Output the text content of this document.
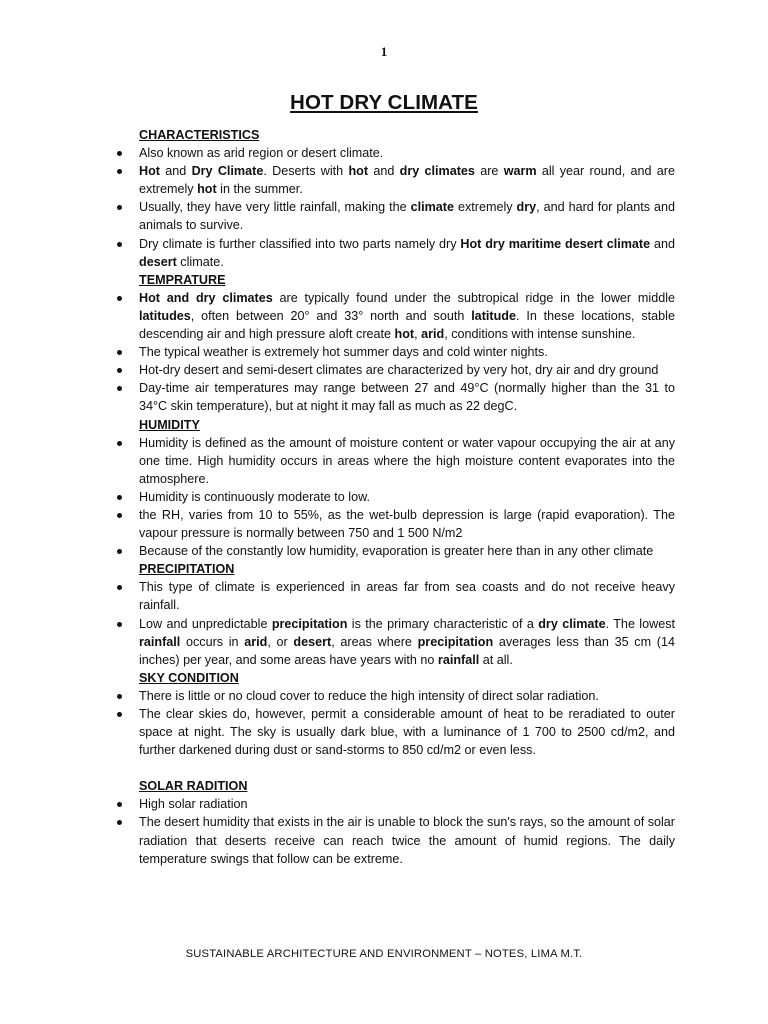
1
HOT DRY CLIMATE
CHARACTERISTICS
Also known as arid region or desert climate.
Hot and Dry Climate. Deserts with hot and dry climates are warm all year round, and are extremely hot in the summer.
Usually, they have very little rainfall, making the climate extremely dry, and hard for plants and animals to survive.
Dry climate is further classified into two parts namely dry Hot dry maritime desert climate and desert climate.
TEMPRATURE
Hot and dry climates are typically found under the subtropical ridge in the lower middle latitudes, often between 20° and 33° north and south latitude. In these locations, stable descending air and high pressure aloft create hot, arid, conditions with intense sunshine.
The typical weather is extremely hot summer days and cold winter nights.
Hot-dry desert and semi-desert climates are characterized by very hot, dry air and dry ground
Day-time air temperatures may range between 27 and 49°C (normally higher than the 31 to 34°C skin temperature), but at night it may fall as much as 22 degC.
HUMIDITY
Humidity is defined as the amount of moisture content or water vapour occupying the air at any one time. High humidity occurs in areas where the high moisture content evaporates into the atmosphere.
Humidity is continuously moderate to low.
the RH, varies from 10 to 55%, as the wet-bulb depression is large (rapid evaporation). The vapour pressure is normally between 750 and 1 500 N/m2
Because of the constantly low humidity, evaporation is greater here than in any other climate
PRECIPITATION
This type of climate is experienced in areas far from sea coasts and do not receive heavy rainfall.
Low and unpredictable precipitation is the primary characteristic of a dry climate. The lowest rainfall occurs in arid, or desert, areas where precipitation averages less than 35 cm (14 inches) per year, and some areas have years with no rainfall at all.
SKY CONDITION
There is little or no cloud cover to reduce the high intensity of direct solar radiation.
The clear skies do, however, permit a considerable amount of heat to be reradiated to outer space at night. The sky is usually dark blue, with a luminance of 1 700 to 2500 cd/m2, and further darkened during dust or sand-storms to 850 cd/m2 or even less.
SOLAR RADITION
High solar radiation
The desert humidity that exists in the air is unable to block the sun's rays, so the amount of solar radiation that deserts receive can reach twice the amount of humid regions. The daily temperature swings that follow can be extreme.
SUSTAINABLE ARCHITECTURE AND ENVIRONMENT – NOTES, LIMA M.T.
